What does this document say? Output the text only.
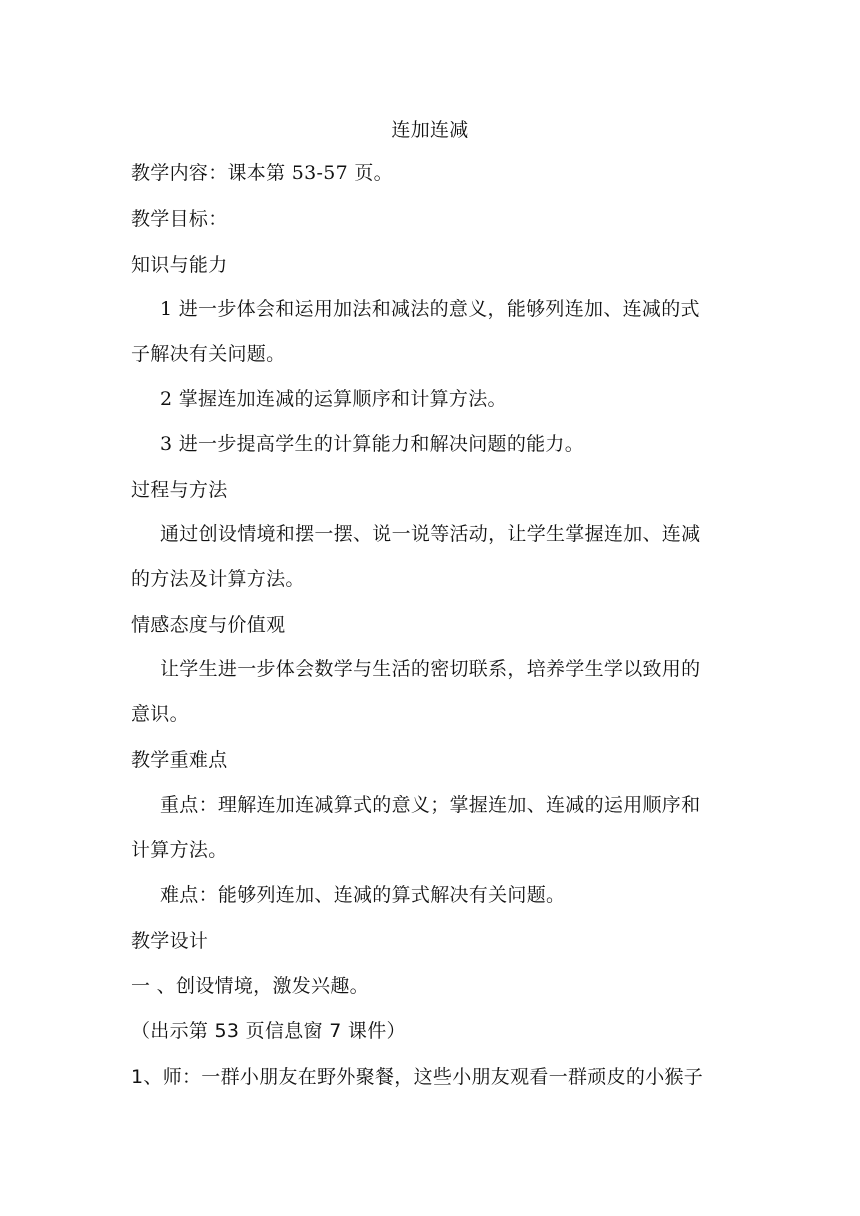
连加连减
教学内容：课本第 53-57 页。
教学目标：
知识与能力
1 进一步体会和运用加法和减法的意义，能够列连加、连减的式
子解决有关问题。
2 掌握连加连减的运算顺序和计算方法。
3 进一步提高学生的计算能力和解决问题的能力。
过程与方法
通过创设情境和摆一摆、说一说等活动，让学生掌握连加、连减
的方法及计算方法。
情感态度与价值观
让学生进一步体会数学与生活的密切联系，培养学生学以致用的
意识。
教学重难点
重点：理解连加连减算式的意义；掌握连加、连减的运用顺序和
计算方法。
难点：能够列连加、连减的算式解决有关问题。
教学设计
一 、创设情境，激发兴趣。
（出示第 53 页信息窗 7 课件）
1、师：一群小朋友在野外聚餐，这些小朋友观看一群顽皮的小猴子
